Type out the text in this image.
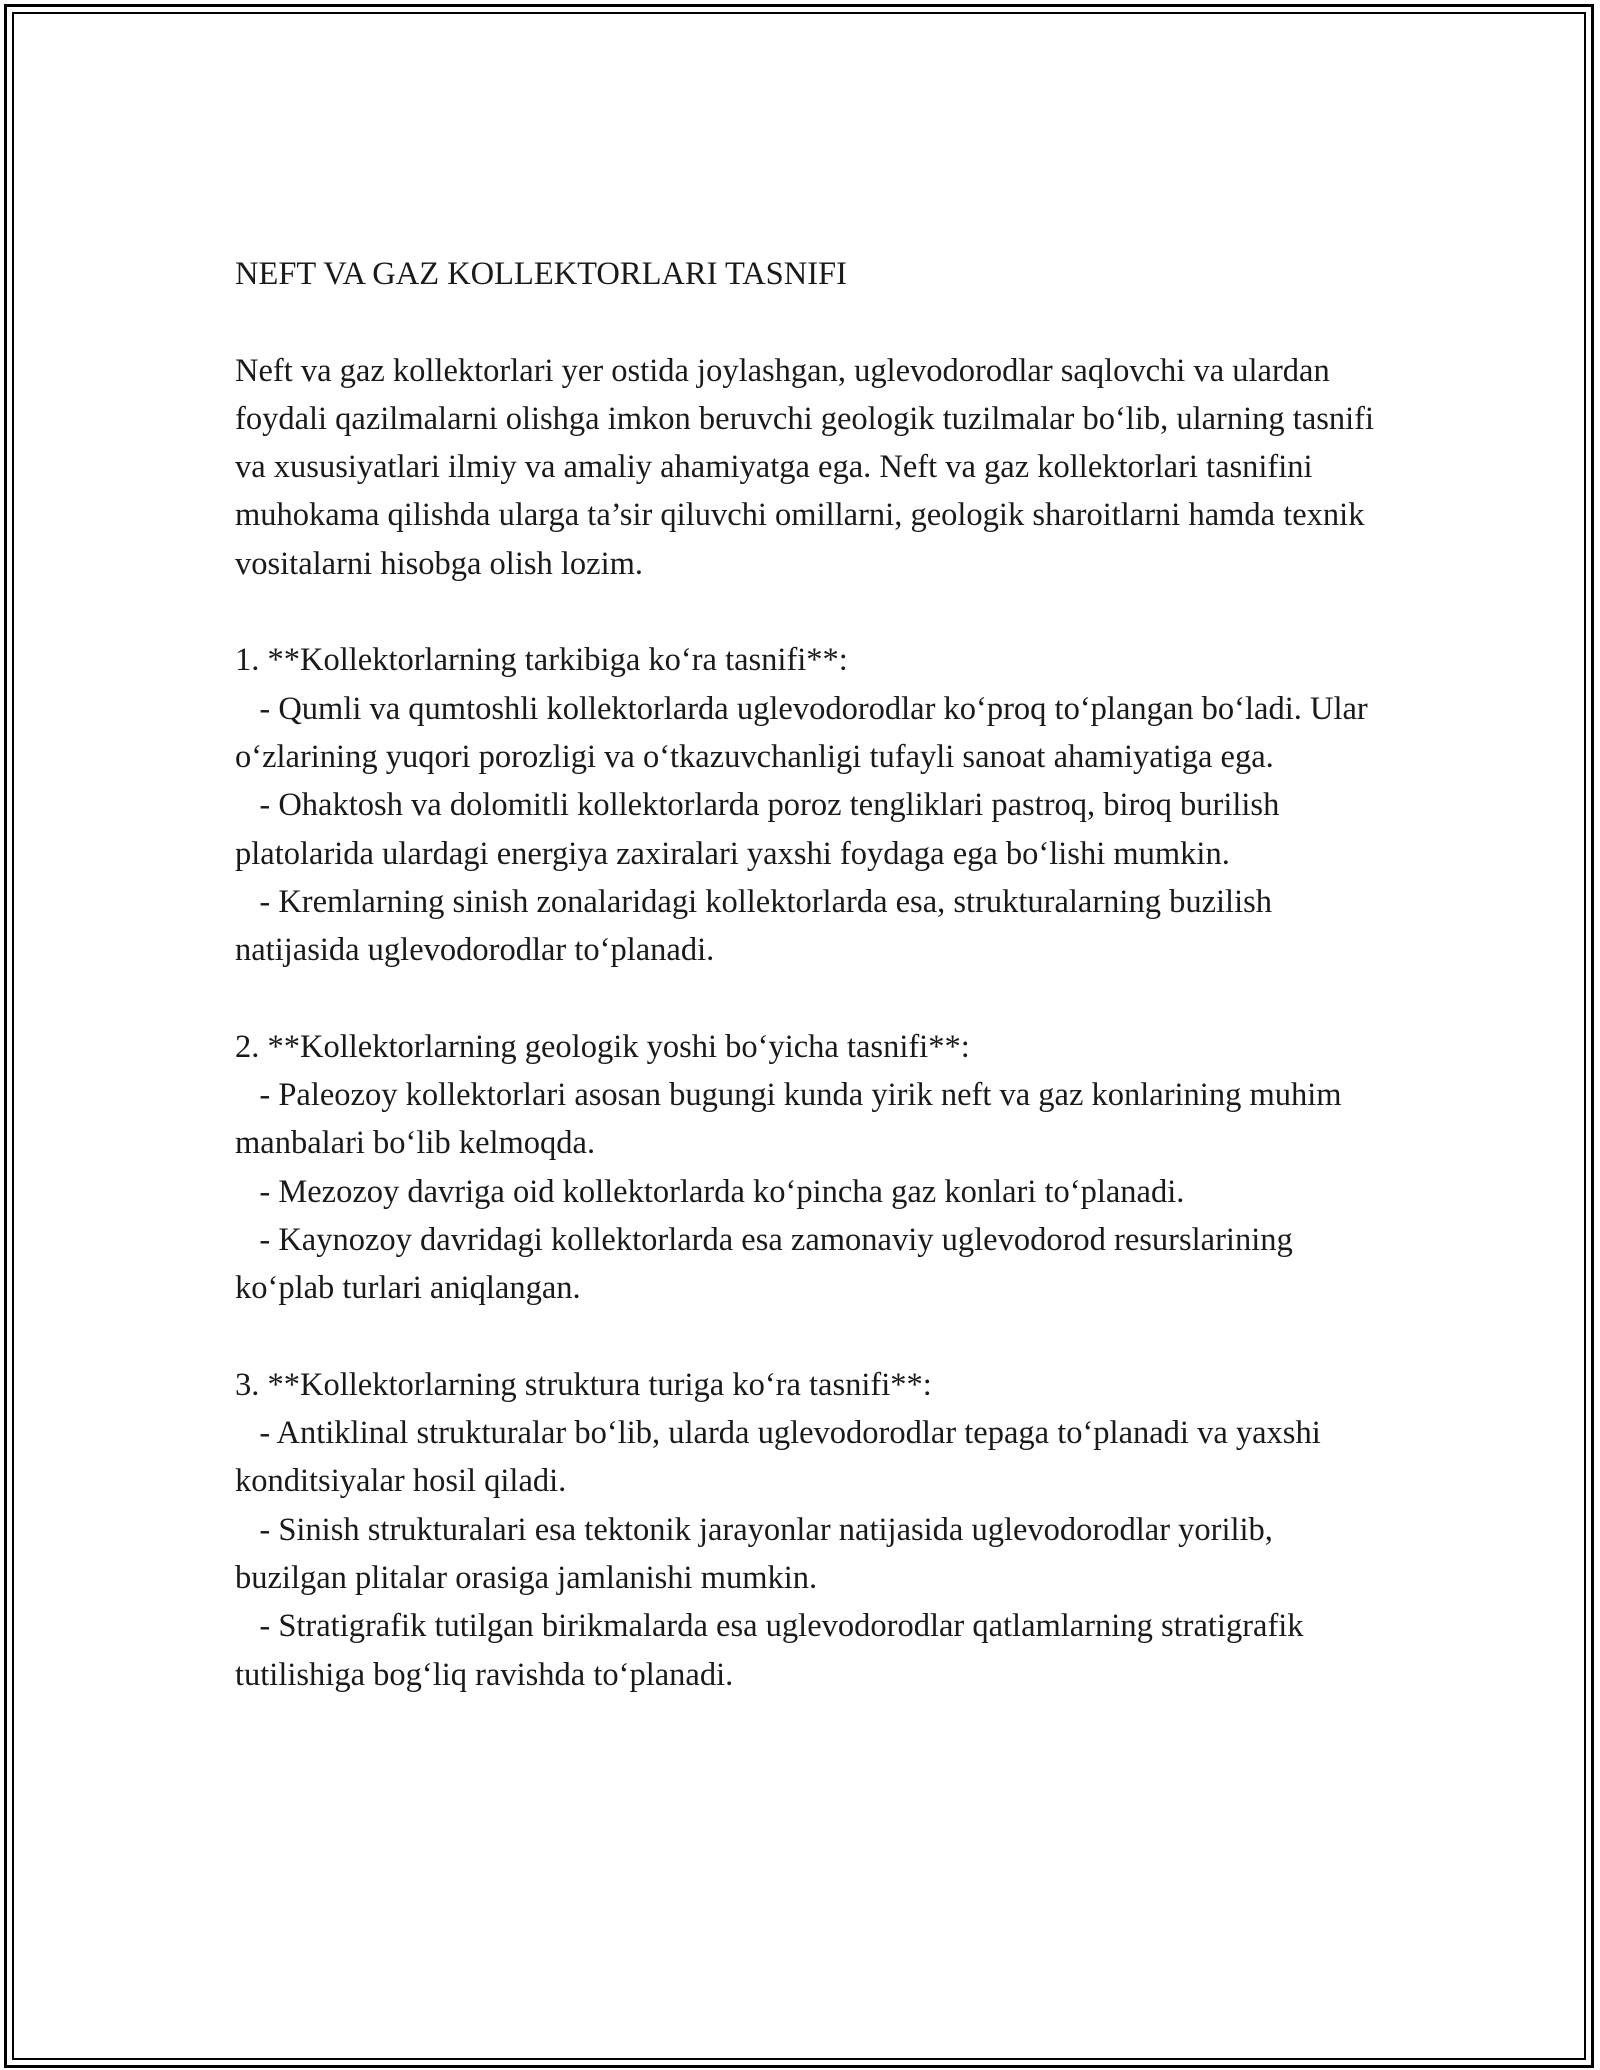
NEFT VA GAZ KOLLEKTORLARI TASNIFI

Neft va gaz kollektorlari yer ostida joylashgan, uglevodorodlar saqlovchi va ulardan foydali qazilmalarni olishga imkon beruvchi geologik tuzilmalar bo‘lib, ularning tasnifi va xususiyatlari ilmiy va amaliy ahamiyatga ega. Neft va gaz kollektorlari tasnifini muhokama qilishda ularga ta’sir qiluvchi omillarni, geologik sharoitlarni hamda texnik vositalarni hisobga olish lozim.

1. **Kollektorlarning tarkibiga ko‘ra tasnifi**:

- Qumli va qumtoshli kollektorlarda uglevodorodlar ko‘proq to‘plangan bo‘ladi. Ular o‘zlarining yuqori porozligi va o‘tkazuvchanligi tufayli sanoat ahamiyatiga ega.

- Ohaktosh va dolomitli kollektorlarda poroz tengliklari pastroq, biroq burilish platolarida ulardagi energiya zaxiralari yaxshi foydaga ega bo‘lishi mumkin.

- Kremlarning sinish zonalaridagi kollektorlarda esa, strukturalarning buzilish natijasida uglevodorodlar to‘planadi.

2. **Kollektorlarning geologik yoshi bo‘yicha tasnifi**:

- Paleozoy kollektorlari asosan bugungi kunda yirik neft va gaz konlarining muhim manbalari bo‘lib kelmoqda.

- Mezozoy davriga oid kollektorlarda ko‘pincha gaz konlari to‘planadi.

- Kaynozoy davridagi kollektorlarda esa zamonaviy uglevodorod resurslarining ko‘plab turlari aniqlangan.

3. **Kollektorlarning struktura turiga ko‘ra tasnifi**:

- Antiklinal strukturalar bo‘lib, ularda uglevodorodlar tepaga to‘planadi va yaxshi konditsiyalar hosil qiladi.

- Sinish strukturalari esa tektonik jarayonlar natijasida uglevodorodlar yorilib, buzilgan plitalar orasiga jamlanishi mumkin.

- Stratigrafik tutilgan birikmalarda esa uglevodorodlar qatlamlarning stratigrafik tutilishiga bog‘liq ravishda to‘planadi.
